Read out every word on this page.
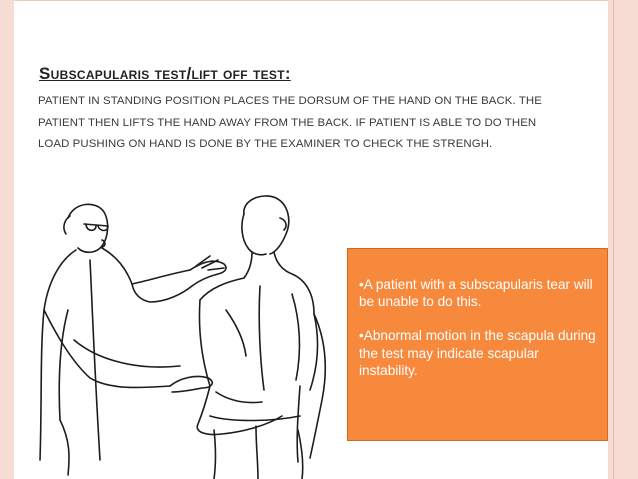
Subscapularis test/lift off test:
PATIENT IN STANDING POSITION PLACES THE DORSUM OF THE HAND ON THE BACK. THE PATIENT THEN LIFTS THE HAND AWAY FROM THE BACK. IF PATIENT IS ABLE TO DO THEN LOAD PUSHING ON HAND IS DONE BY THE EXAMINER TO CHECK THE STRENGH.

•A patient with a subscapularis tear will be unable to do this.

•Abnormal motion in the scapula during the test may indicate scapular instability.
